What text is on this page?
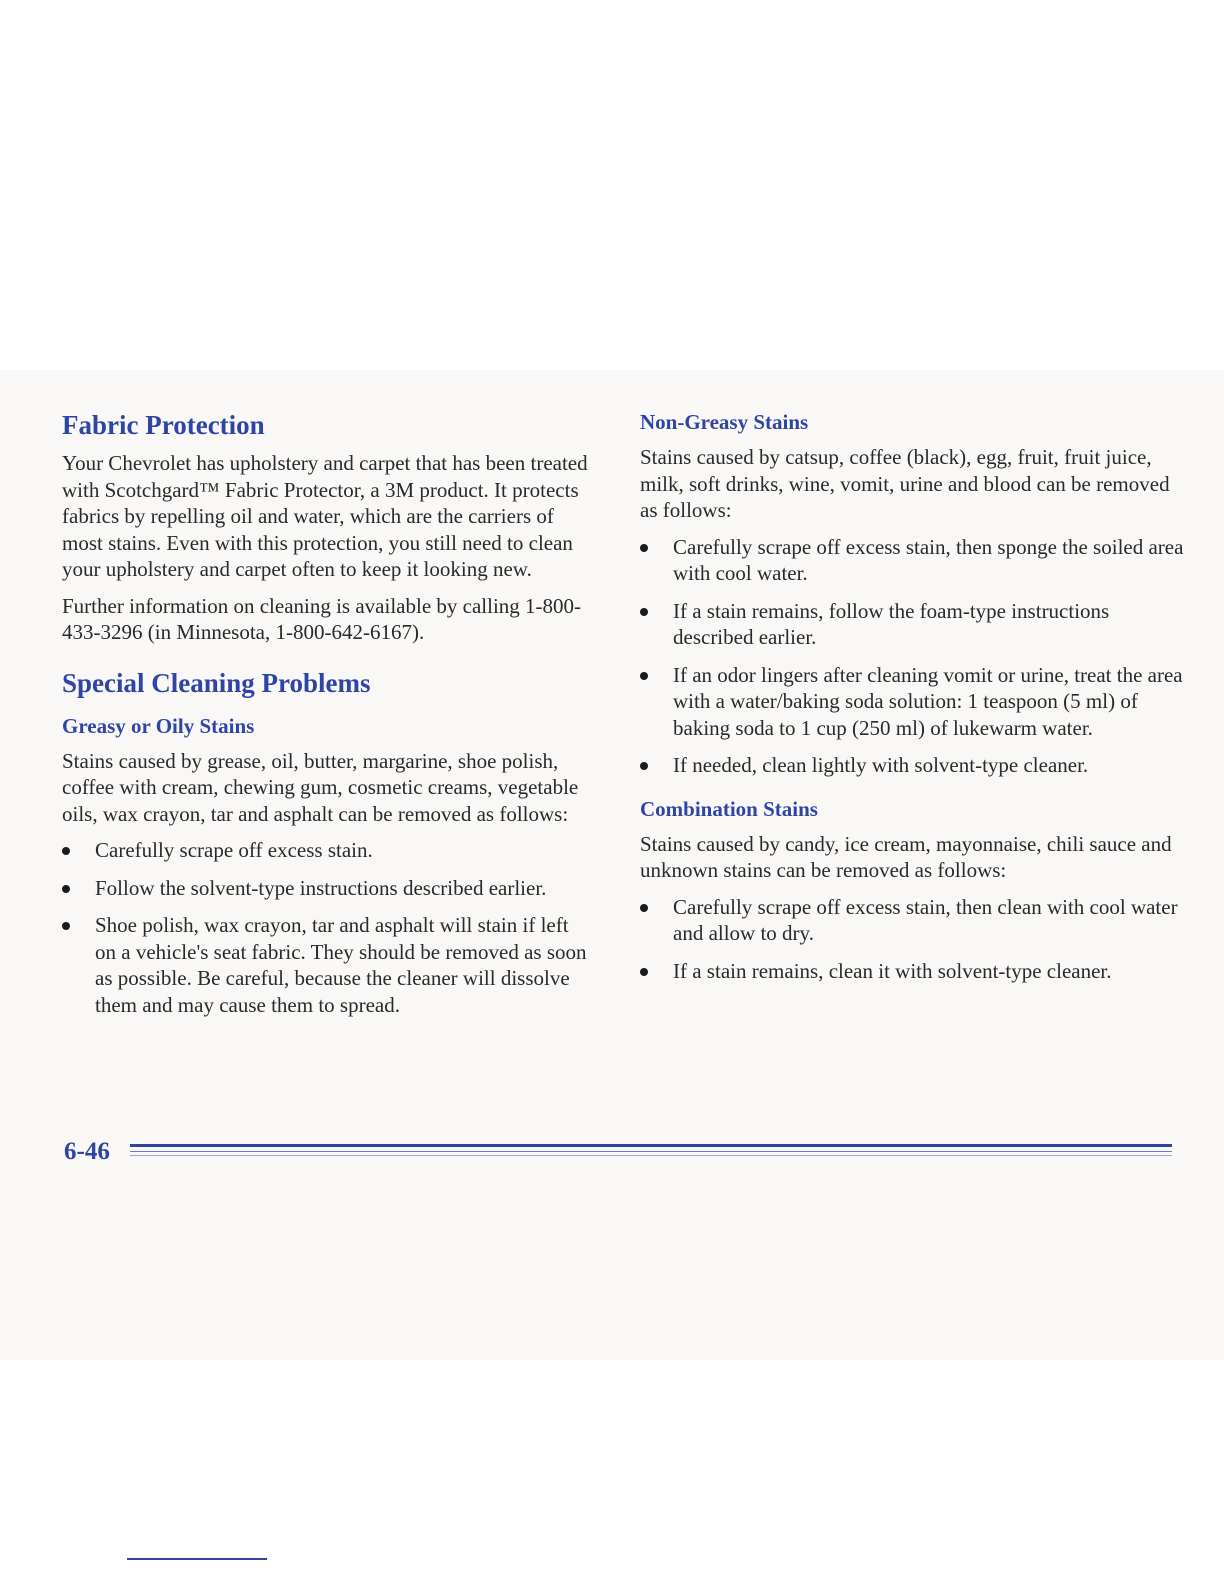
Fabric Protection

Your Chevrolet has upholstery and carpet that has been treated with Scotchgard™ Fabric Protector, a 3M product. It protects fabrics by repelling oil and water, which are the carriers of most stains. Even with this protection, you still need to clean your upholstery and carpet often to keep it looking new.

Further information on cleaning is available by calling 1-800-433-3296 (in Minnesota, 1-800-642-6167).

Special Cleaning Problems
Greasy or Oily Stains

Stains caused by grease, oil, butter, margarine, shoe polish, coffee with cream, chewing gum, cosmetic creams, vegetable oils, wax crayon, tar and asphalt can be removed as follows:

Carefully scrape off excess stain.
Follow the solvent-type instructions described earlier.
Shoe polish, wax crayon, tar and asphalt will stain if left on a vehicle's seat fabric. They should be removed as soon as possible. Be careful, because the cleaner will dissolve them and may cause them to spread.
Non-Greasy Stains

Stains caused by catsup, coffee (black), egg, fruit, fruit juice, milk, soft drinks, wine, vomit, urine and blood can be removed as follows:

Carefully scrape off excess stain, then sponge the soiled area with cool water.
If a stain remains, follow the foam-type instructions described earlier.
If an odor lingers after cleaning vomit or urine, treat the area with a water/baking soda solution: 1 teaspoon (5 ml) of baking soda to 1 cup (250 ml) of lukewarm water.
If needed, clean lightly with solvent-type cleaner.
Combination Stains

Stains caused by candy, ice cream, mayonnaise, chili sauce and unknown stains can be removed as follows:

Carefully scrape off excess stain, then clean with cool water and allow to dry.
If a stain remains, clean it with solvent-type cleaner.
6-46
